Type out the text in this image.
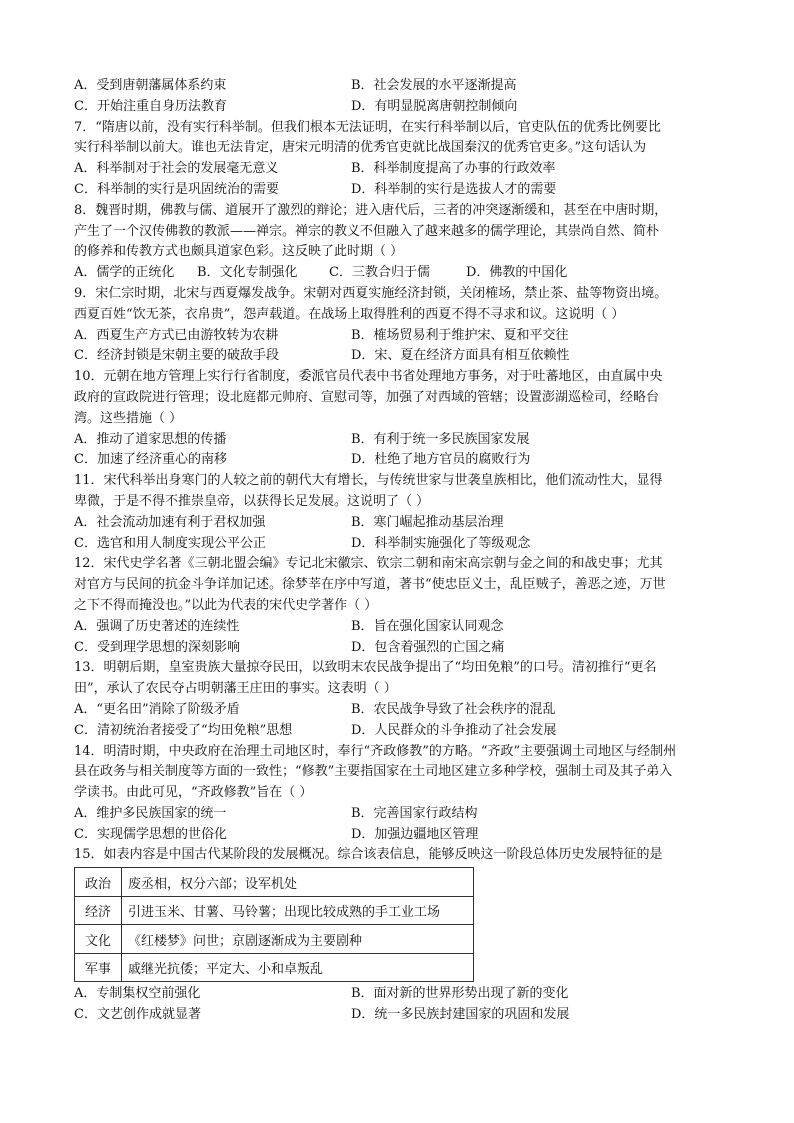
A．受到唐朝藩属体系约束	B．社会发展的水平逐渐提高
C．开始注重自身历法教育	D．有明显脱离唐朝控制倾向
7．“隋唐以前，没有实行科举制。但我们根本无法证明，在实行科举制以后，官吏队伍的优秀比例要比
实行科举制以前大。谁也无法肯定，唐宋元明清的优秀官吏就比战国秦汉的优秀官吏多。”这句话认为
A．科举制对于社会的发展毫无意义	B．科举制度提高了办事的行政效率
C．科举制的实行是巩固统治的需要	D．科举制的实行是选拔人才的需要
8．魏晋时期，佛教与儒、道展开了激烈的辩论；进入唐代后，三者的冲突逐渐缓和，甚至在中唐时期，
产生了一个汉传佛教的教派——禅宗。禅宗的教义不但融入了越来越多的儒学理论，其崇尚自然、简朴
的修养和传教方式也颇具道家色彩。这反映了此时期（ ）
A．儒学的正统化	B．文化专制强化	C．三教合归于儒	D．佛教的中国化
9．宋仁宗时期，北宋与西夏爆发战争。宋朝对西夏实施经济封锁，关闭榷场，禁止茶、盐等物资出境。
西夏百姓“饮无茶，衣帛贵”，怨声载道。在战场上取得胜利的西夏不得不寻求和议。这说明（ ）
A．西夏生产方式已由游牧转为农耕	B．榷场贸易利于维护宋、夏和平交往
C．经济封锁是宋朝主要的破敌手段	D．宋、夏在经济方面具有相互依赖性
10．元朝在地方管理上实行行省制度，委派官员代表中书省处理地方事务，对于吐蕃地区，由直属中央
政府的宣政院进行管理；设北庭都元帅府、宣慰司等，加强了对西域的管辖；设置澎湖巡检司，经略台
湾。这些措施（ ）
A．推动了道家思想的传播	B．有利于统一多民族国家发展
C．加速了经济重心的南移	D．杜绝了地方官员的腐败行为
11．宋代科举出身寒门的人较之前的朝代大有增长，与传统世家与世袭皇族相比，他们流动性大，显得
卑微，于是不得不推崇皇帝，以获得长足发展。这说明了（ ）
A．社会流动加速有利于君权加强	B．寒门崛起推动基层治理
C．选官和用人制度实现公平公正	D．科举制实施强化了等级观念
12．宋代史学名著《三朝北盟会编》专记北宋徽宗、钦宗二朝和南宋高宗朝与金之间的和战史事；尤其
对官方与民间的抗金斗争详加记述。徐梦莘在序中写道，著书“使忠臣义士，乱臣贼子，善恶之迹，万世
之下不得而掩没也。”以此为代表的宋代史学著作（ ）
A．强调了历史著述的连续性	B．旨在强化国家认同观念
C．受到理学思想的深刻影响	D．包含着强烈的亡国之痛
13．明朝后期，皇室贵族大量掠夺民田，以致明末农民战争提出了“均田免粮”的口号。清初推行“更名
田”，承认了农民夺占明朝藩王庄田的事实。这表明（ ）
A．“更名田”消除了阶级矛盾	B．农民战争导致了社会秩序的混乱
C．清初统治者接受了“均田免粮”思想	D．人民群众的斗争推动了社会发展
14．明清时期，中央政府在治理土司地区时，奉行“齐政修教”的方略。“齐政”主要强调土司地区与经制州
县在政务与相关制度等方面的一致性；“修教”主要指国家在土司地区建立多种学校，强制土司及其子弟入
学读书。由此可见，“齐政修教”旨在（ ）
A．维护多民族国家的统一	B．完善国家行政结构
C．实现儒学思想的世俗化	D．加强边疆地区管理
15．如表内容是中国古代某阶段的发展概况。综合该表信息，能够反映这一阶段总体历史发展特征的是
政治	废丞相，权分六部；设军机处
经济	引进玉米、甘薯、马铃薯；出现比较成熟的手工业工场
文化	《红楼梦》问世；京剧逐渐成为主要剧种
军事	戚继光抗倭；平定大、小和卓叛乱
A．专制集权空前强化	B．面对新的世界形势出现了新的变化
C．文艺创作成就显著	D．统一多民族封建国家的巩固和发展
